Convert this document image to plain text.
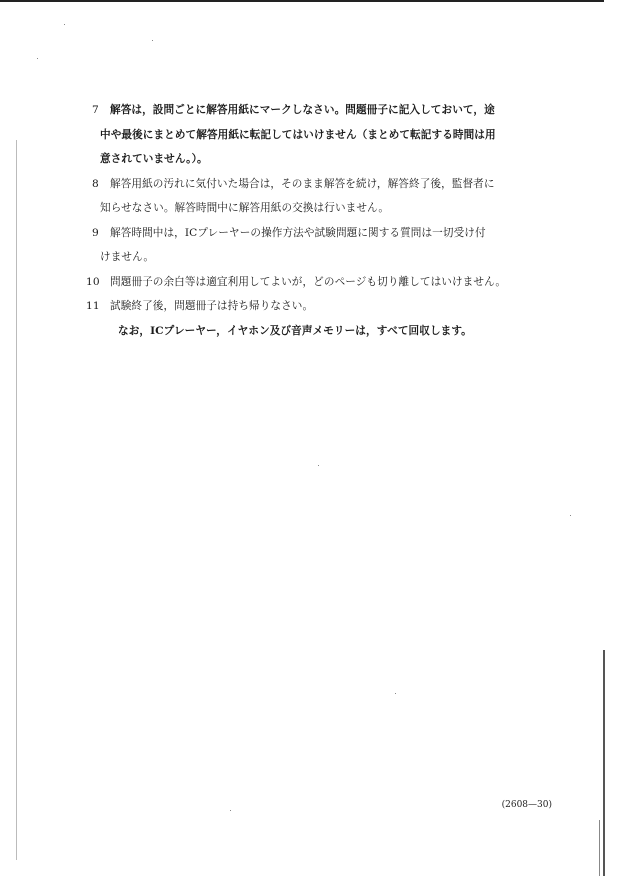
7	解答は，設問ごとに解答用紙にマークしなさい。問題冊子に記入しておいて，途
中や最後にまとめて解答用紙に転記してはいけません（まとめて転記する時間は用
意されていません。）。
8	解答用紙の汚れに気付いた場合は，そのまま解答を続け，解答終了後，監督者に
知らせなさい。解答時間中に解答用紙の交換は行いません。
9	解答時間中は，ICプレーヤーの操作方法や試験問題に関する質問は一切受け付
けません。
10 問題冊子の余白等は適宜利用してよいが，どのページも切り離してはいけません。
11 試験終了後，問題冊子は持ち帰りなさい。
なお，ICプレーヤー，イヤホン及び音声メモリーは，すべて回収します。
(2608—30)
